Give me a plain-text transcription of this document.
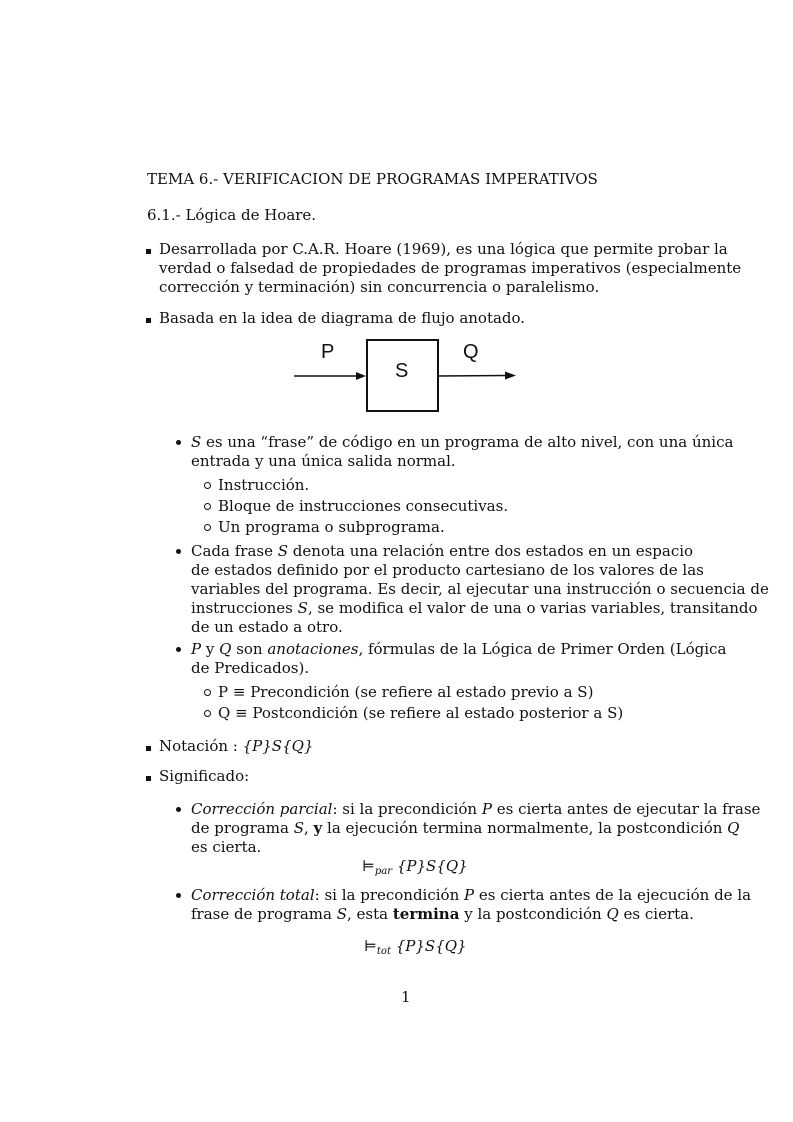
TEMA 6.- VERIFICACION DE PROGRAMAS IMPERATIVOS
6.1.- Lógica de Hoare.
Desarrollada por C.A.R. Hoare (1969), es una lógica que permite probar la
verdad o falsedad de propiedades de programas imperativos (especialmente
corrección y terminación) sin concurrencia o paralelismo.
Basada en la idea de diagrama de flujo anotado.
P
S
Q
S es una “frase” de código en un programa de alto nivel, con una única
entrada y una única salida normal.
Instrucción.
Bloque de instrucciones consecutivas.
Un programa o subprograma.
Cada frase S denota una relación entre dos estados en un espacio
de estados definido por el producto cartesiano de los valores de las
variables del programa. Es decir, al ejecutar una instrucción o secuencia de
instrucciones S, se modifica el valor de una o varias variables, transitando
de un estado a otro.
P y Q son anotaciones, fórmulas de la Lógica de Primer Orden (Lógica
de Predicados).
P ≡ Precondición (se refiere al estado previo a S)
Q ≡ Postcondición (se refiere al estado posterior a S)
Notación : {P}S{Q}
Significado:
Corrección parcial: si la precondición P es cierta antes de ejecutar la frase
de programa S, y la ejecución termina normalmente, la postcondición Q
es cierta.
$⊨_{par}$ {P}S{Q}
Corrección total: si la precondición P es cierta antes de la ejecución de la
frase de programa S, esta termina y la postcondición Q es cierta.
$⊨_{tot}$ {P}S{Q}
1
